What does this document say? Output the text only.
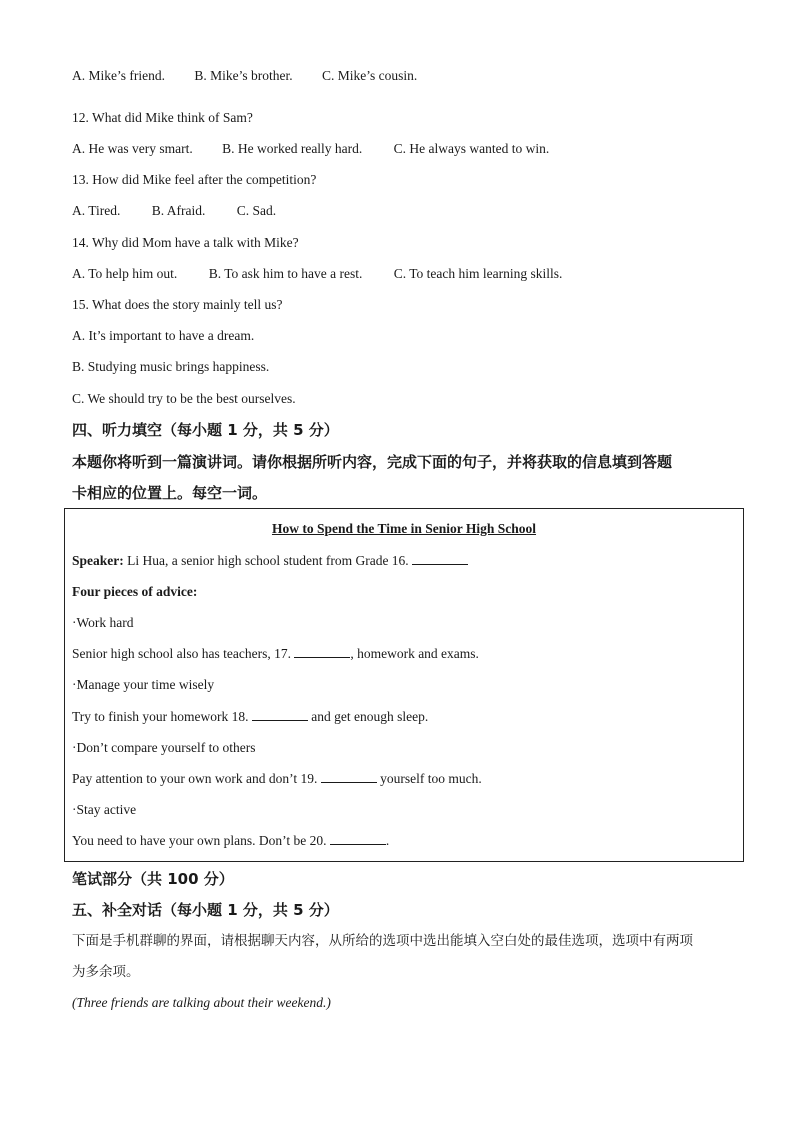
A. Mike’s friend. B. Mike’s brother. C. Mike’s cousin.
12. What did Mike think of Sam?
A. He was very smart. B. He worked really hard. C. He always wanted to win.
13. How did Mike feel after the competition?
A. Tired. B. Afraid. C. Sad.
14. Why did Mom have a talk with Mike?
A. To help him out. B. To ask him to have a rest. C. To teach him learning skills.
15. What does the story mainly tell us?
A. It’s important to have a dream.
B. Studying music brings happiness.
C. We should try to be the best ourselves.
四、听力填空（每小题 1 分，共 5 分）
本题你将听到一篇演讲词。请你根据所听内容，完成下面的句子，并将获取的信息填到答题
卡相应的位置上。每空一词。
How to Spend the Time in Senior High School
Speaker: Li Hua, a senior high school student from Grade 16.
Four pieces of advice:
·Work hard
Senior high school also has teachers, 17.	, homework and exams.
·Manage your time wisely
Try to finish your homework 18.	and get enough sleep.
·Don’t compare yourself to others
Pay attention to your own work and don’t 19.	yourself too much.
·Stay active
You need to have your own plans. Don’t be 20.	.
笔试部分（共 100 分）
五、补全对话（每小题 1 分，共 5 分）
下面是手机群聊的界面，请根据聊天内容，从所给的选项中选出能填入空白处的最佳选项，选项中有两项
为多余项。
(Three friends are talking about their weekend.)
